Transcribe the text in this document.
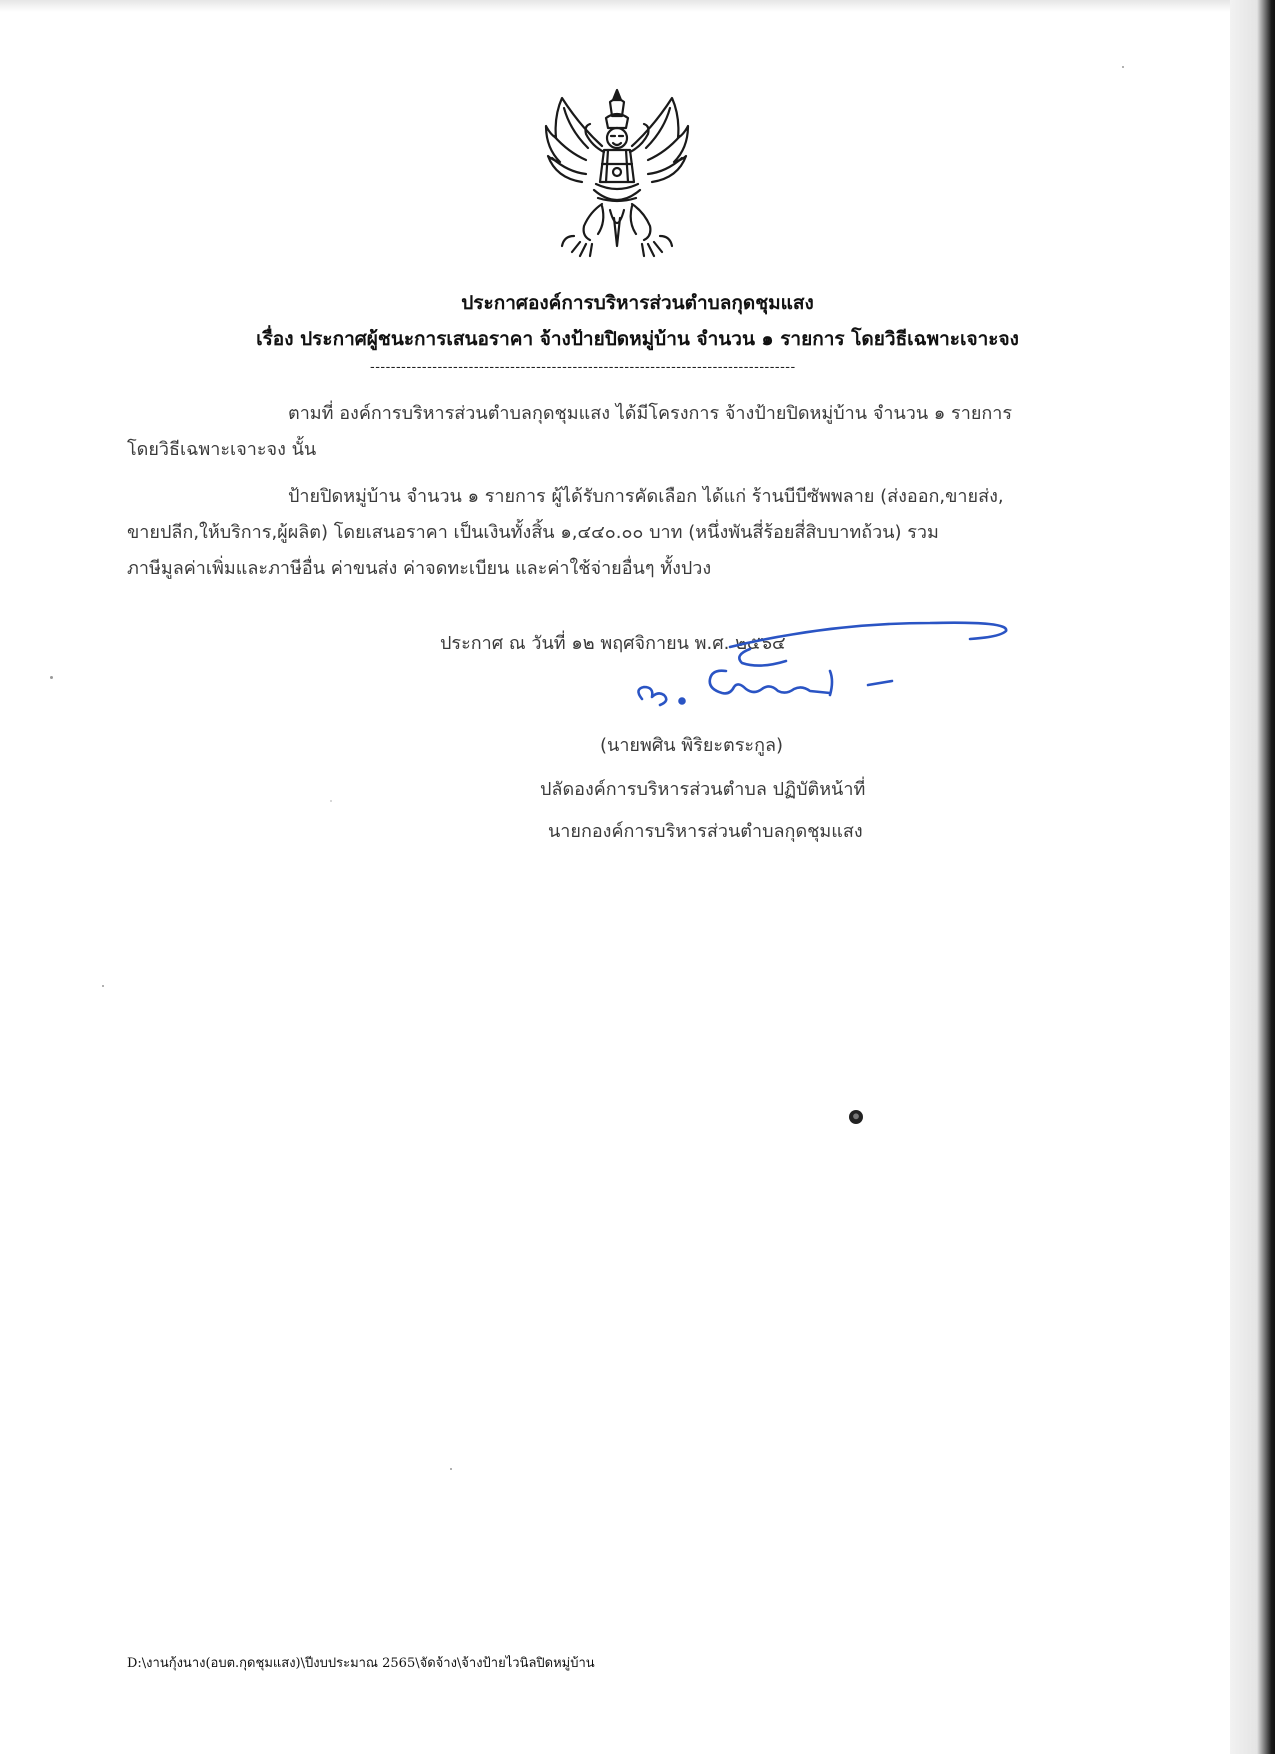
ประกาศองค์การบริหารส่วนตำบลกุดชุมแสง
เรื่อง ประกาศผู้ชนะการเสนอราคา จ้างป้ายปิดหมู่บ้าน จำนวน ๑ รายการ โดยวิธีเฉพาะเจาะจง
----------------------------------------------------------------------------------
ตามที่ องค์การบริหารส่วนตำบลกุดชุมแสง ได้มีโครงการ จ้างป้ายปิดหมู่บ้าน จำนวน ๑ รายการ
โดยวิธีเฉพาะเจาะจง นั้น
ป้ายปิดหมู่บ้าน จำนวน ๑ รายการ ผู้ได้รับการคัดเลือก ได้แก่ ร้านบีบีซัพพลาย (ส่งออก,ขายส่ง,
ขายปลีก,ให้บริการ,ผู้ผลิต) โดยเสนอราคา เป็นเงินทั้งสิ้น ๑,๔๔๐.๐๐ บาท (หนึ่งพันสี่ร้อยสี่สิบบาทถ้วน) รวม
ภาษีมูลค่าเพิ่มและภาษีอื่น ค่าขนส่ง ค่าจดทะเบียน และค่าใช้จ่ายอื่นๆ ทั้งปวง
ประกาศ ณ วันที่ ๑๒ พฤศจิกายน พ.ศ. ๒๕๖๔
(นายพศิน พิริยะตระกูล)
ปลัดองค์การบริหารส่วนตำบล ปฏิบัติหน้าที่
นายกองค์การบริหารส่วนตำบลกุดชุมแสง
D:\งานกุ้งนาง(อบต.กุดชุมแสง)\ปีงบประมาณ 2565\จัดจ้าง\จ้างป้ายไวนิลปิดหมู่บ้าน
